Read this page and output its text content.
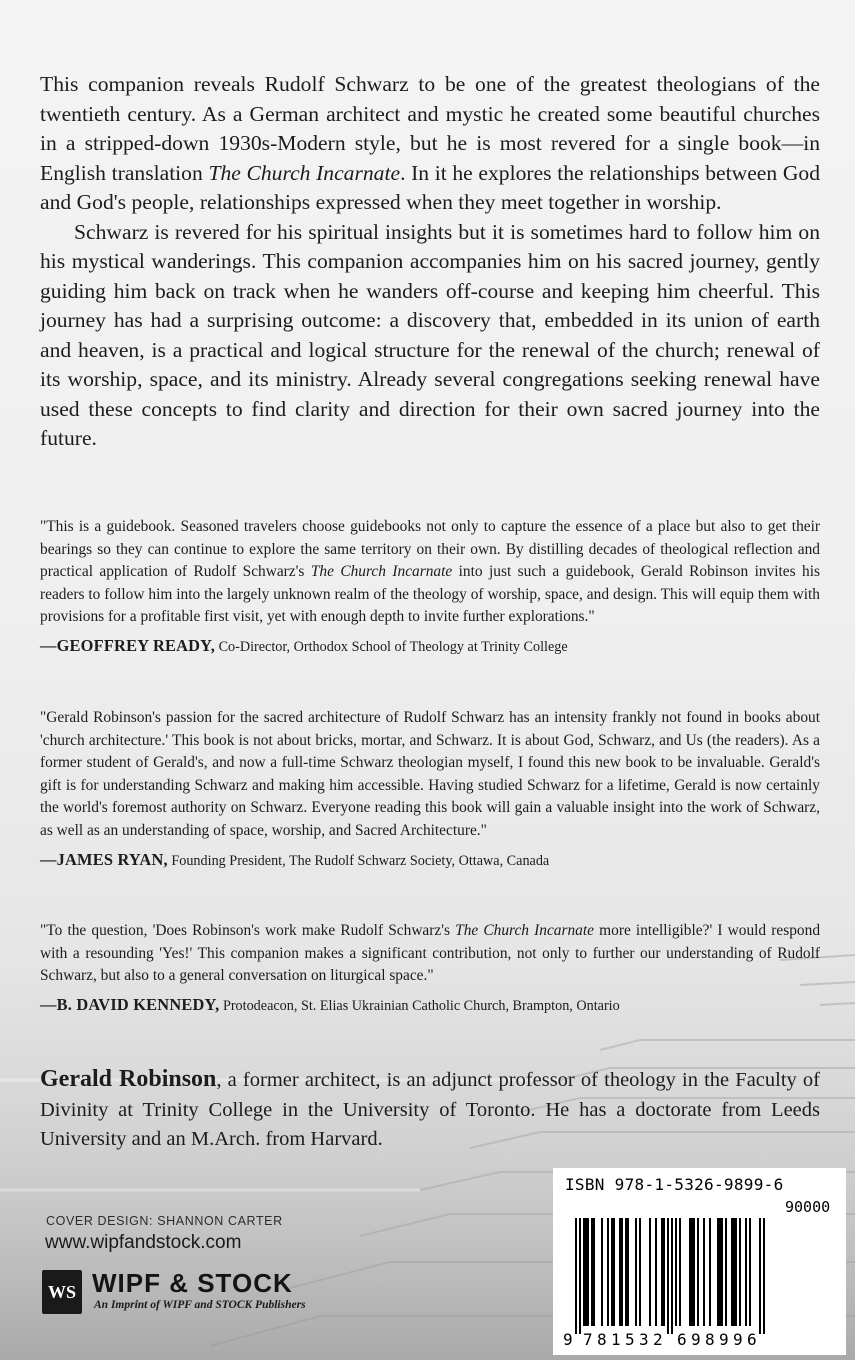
This companion reveals Rudolf Schwarz to be one of the greatest theologians of the twentieth century. As a German architect and mystic he created some beautiful churches in a stripped-down 1930s-Modern style, but he is most revered for a single book—in English translation The Church Incarnate. In it he explores the relationships between God and God's people, relationships expressed when they meet together in worship.

Schwarz is revered for his spiritual insights but it is sometimes hard to follow him on his mystical wanderings. This companion accompanies him on his sacred journey, gently guiding him back on track when he wanders off-course and keeping him cheerful. This journey has had a surprising outcome: a discovery that, embedded in its union of earth and heaven, is a practical and logical structure for the renewal of the church; renewal of its worship, space, and its ministry. Already several congregations seeking renewal have used these concepts to find clarity and direction for their own sacred journey into the future.

"This is a guidebook. Seasoned travelers choose guidebooks not only to capture the essence of a place but also to get their bearings so they can continue to explore the same territory on their own. By distilling decades of theological reflection and practical application of Rudolf Schwarz's The Church Incarnate into just such a guidebook, Gerald Robinson invites his readers to follow him into the largely unknown realm of the theology of worship, space, and design. This will equip them with provisions for a profitable first visit, yet with enough depth to invite further explorations."
—GEOFFREY READY, Co-Director, Orthodox School of Theology at Trinity College
"Gerald Robinson's passion for the sacred architecture of Rudolf Schwarz has an intensity frankly not found in books about 'church architecture.' This book is not about bricks, mortar, and Schwarz. It is about God, Schwarz, and Us (the readers). As a former student of Gerald's, and now a full-time Schwarz theologian myself, I found this new book to be invaluable. Gerald's gift is for understanding Schwarz and making him accessible. Having studied Schwarz for a lifetime, Gerald is now certainly the world's foremost authority on Schwarz. Everyone reading this book will gain a valuable insight into the work of Schwarz, as well as an understanding of space, worship, and Sacred Architecture."
—JAMES RYAN, Founding President, The Rudolf Schwarz Society, Ottawa, Canada
"To the question, 'Does Robinson's work make Rudolf Schwarz's The Church Incarnate more intelligible?' I would respond with a resounding 'Yes!' This companion makes a significant contribution, not only to further our understanding of Rudolf Schwarz, but also to a general conversation on liturgical space."
—B. DAVID KENNEDY, Protodeacon, St. Elias Ukrainian Catholic Church, Brampton, Ontario
Gerald Robinson, a former architect, is an adjunct professor of theology in the Faculty of Divinity at Trinity College in the University of Toronto. He has a doctorate from Leeds University and an M.Arch. from Harvard.
COVER DESIGN: SHANNON CARTER
www.wipfandstock.com
WS WIPF & STOCK
An Imprint of WIPF and STOCK Publishers
ISBN 978-1-5326-9899-6
90000
9 7 8 1 5 3 2 6 9 8 9 9 6
